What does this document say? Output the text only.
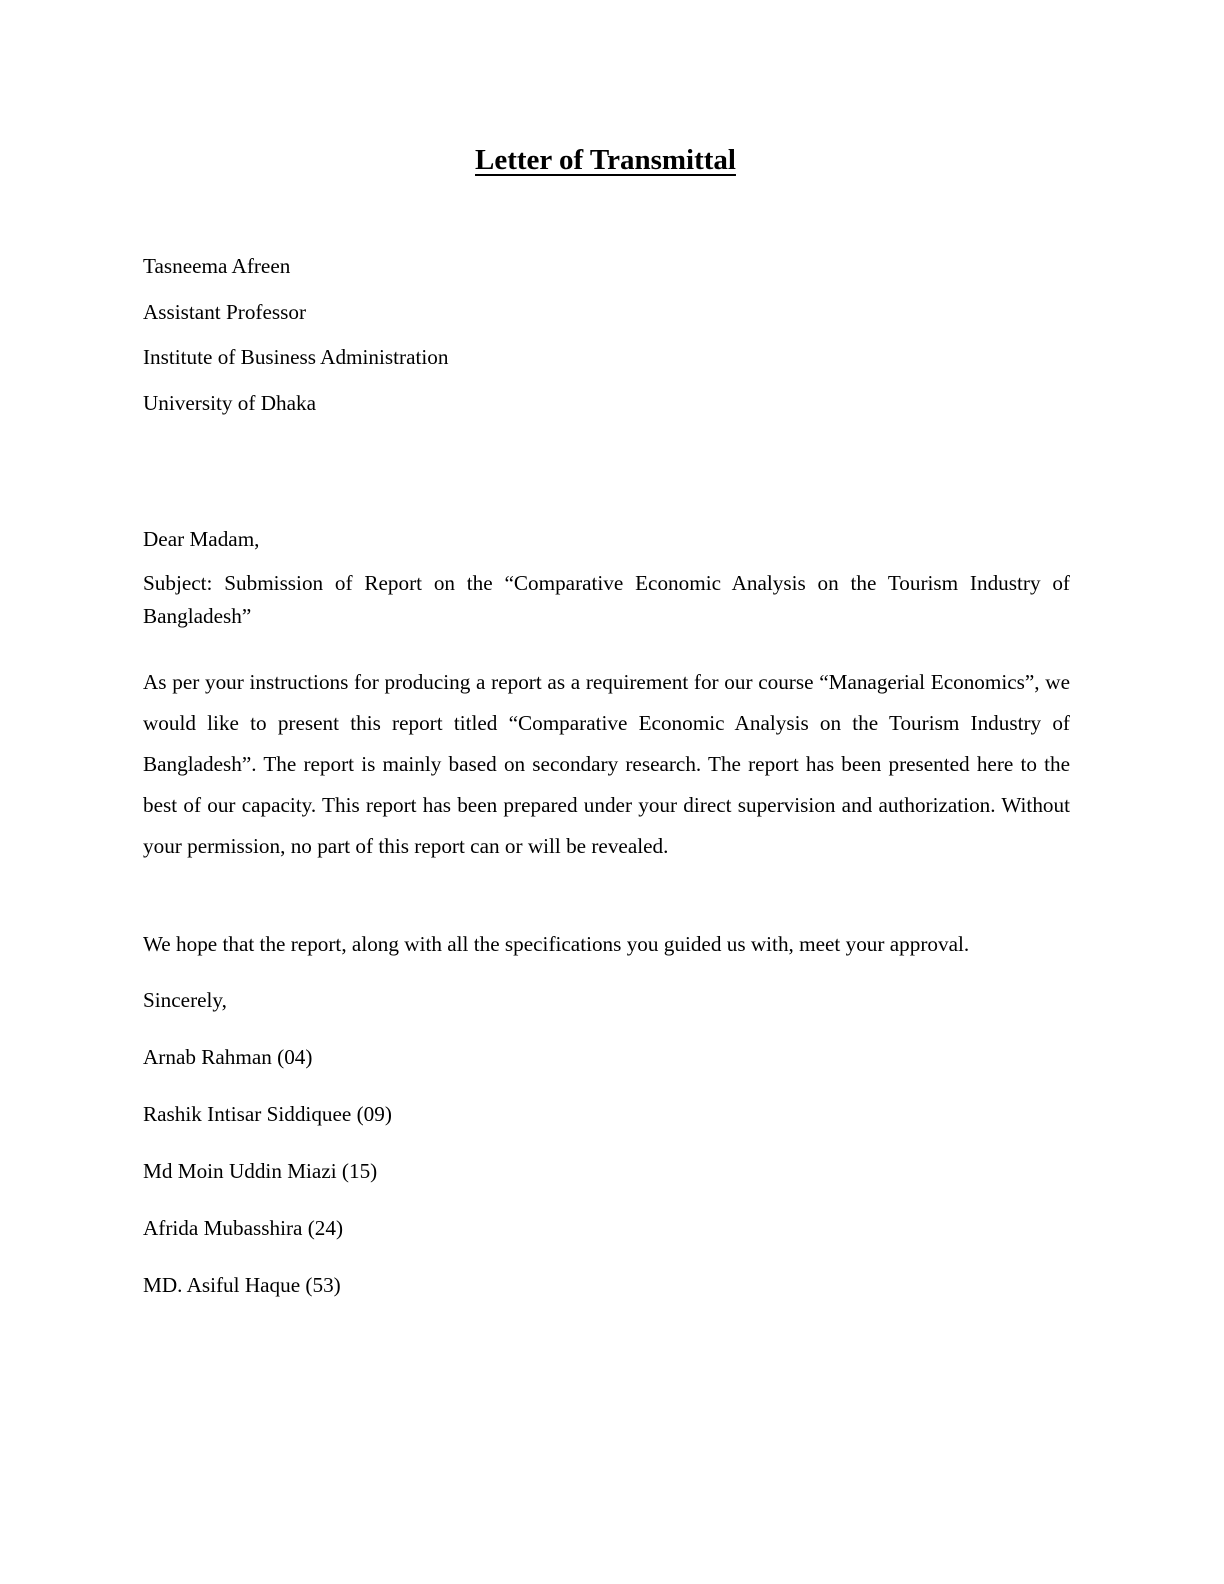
Letter of Transmittal
Tasneema Afreen
Assistant Professor
Institute of Business Administration
University of Dhaka
Dear Madam,
Subject: Submission of Report on the “Comparative Economic Analysis on the Tourism Industry of Bangladesh”
As per your instructions for producing a report as a requirement for our course “Managerial Economics”, we would like to present this report titled “Comparative Economic Analysis on the Tourism Industry of Bangladesh”. The report is mainly based on secondary research. The report has been presented here to the best of our capacity. This report has been prepared under your direct supervision and authorization. Without your permission, no part of this report can or will be revealed.
We hope that the report, along with all the specifications you guided us with, meet your approval.
Sincerely,
Arnab Rahman (04)
Rashik Intisar Siddiquee (09)
Md Moin Uddin Miazi (15)
Afrida Mubasshira (24)
MD. Asiful Haque (53)
